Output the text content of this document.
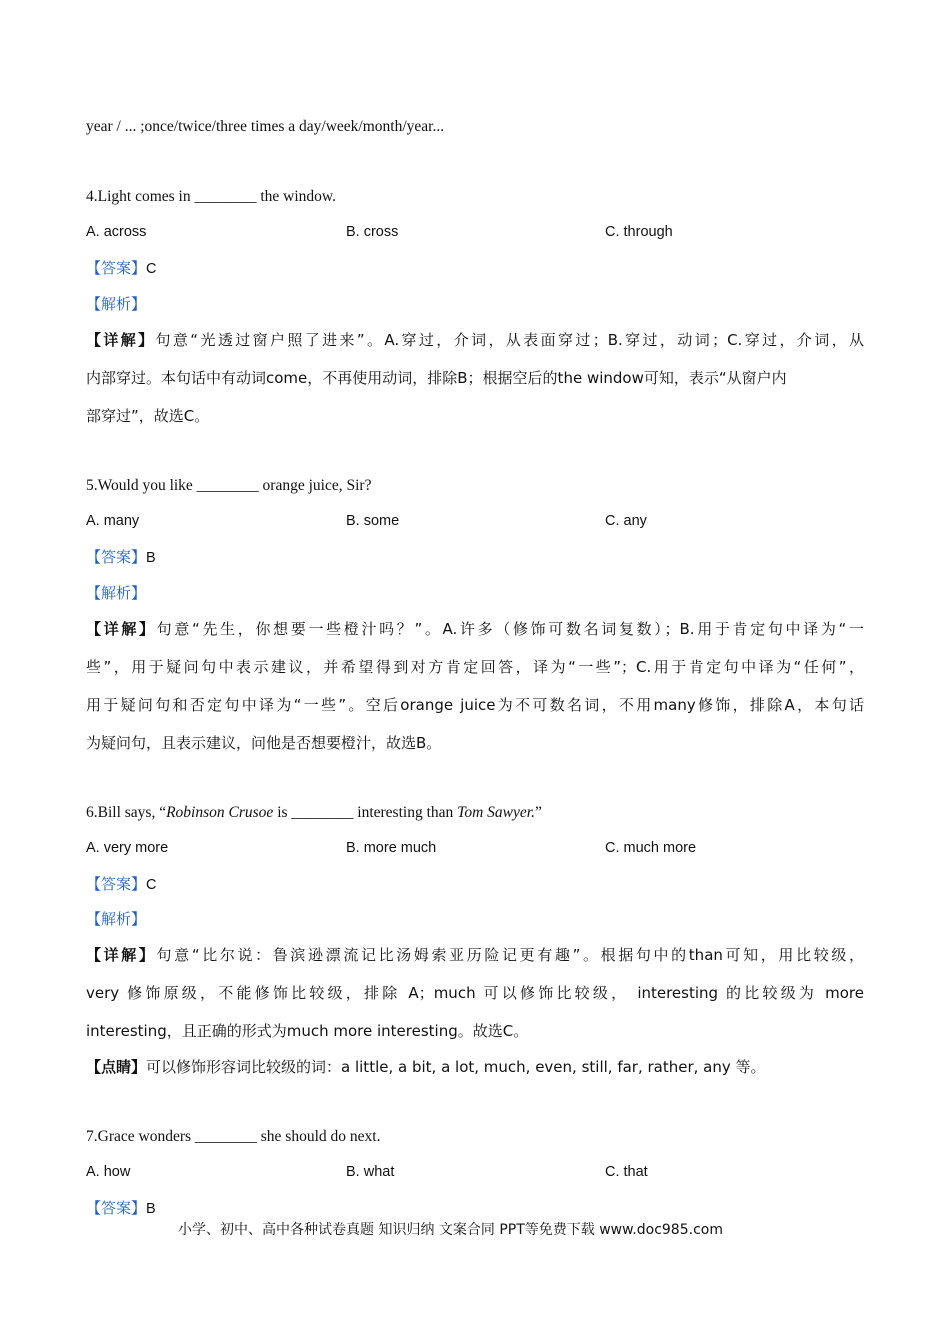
year / ... ;once/twice/three times a day/week/month/year...
4.Light comes in ________ the window.
A. across	B. cross	C. through
【答案】C
【解析】
【详解】句意“光透过窗户照了进来”。A.穿过，介词，从表面穿过；B.穿过，动词；C.穿过，介词，从
内部穿过。本句话中有动词come，不再使用动词，排除B；根据空后的the window可知，表示“从窗户内
部穿过”，故选C。
5.Would you like ________ orange juice, Sir?
A. many	B. some	C. any
【答案】B
【解析】
【详解】句意“先生，你想要一些橙汁吗？”。A.许多（修饰可数名词复数）；B.用于肯定句中译为“一
些”，用于疑问句中表示建议，并希望得到对方肯定回答，译为“一些”；C.用于肯定句中译为“任何”，
用于疑问句和否定句中译为“一些”。空后orange juice为不可数名词，不用many修饰，排除A，本句话
为疑问句，且表示建议，问他是否想要橙汁，故选B。
6.Bill says, “Robinson Crusoe is ________ interesting than Tom Sawyer.”
A. very more	B. more much	C. much more
【答案】C
【解析】
【详解】句意“比尔说：鲁滨逊漂流记比汤姆索亚历险记更有趣”。根据句中的than可知，用比较级，
very 修饰原级，不能修饰比较级，排除 A；much 可以修饰比较级， interesting 的比较级为 more
interesting，且正确的形式为much more interesting。故选C。
【点睛】可以修饰形容词比较级的词：a little, a bit, a lot, much, even, still, far, rather, any 等。
7.Grace wonders ________ she should do next.
A. how	B. what	C. that
【答案】B
小学、初中、高中各种试卷真题 知识归纳 文案合同 PPT等免费下载 www.doc985.com
